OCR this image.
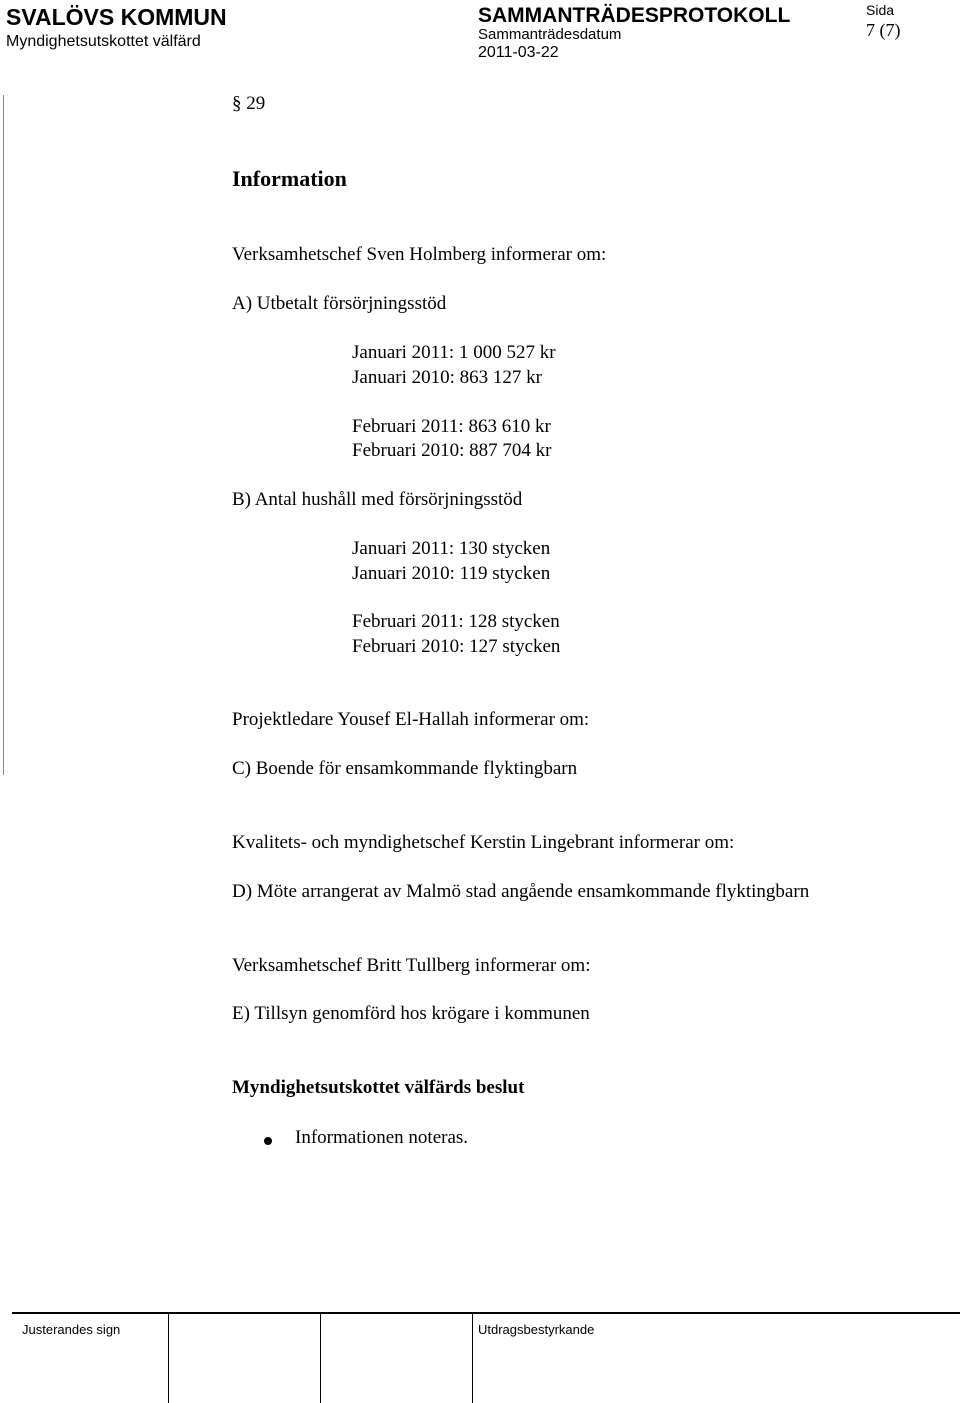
SVALÖVS KOMMUN
Myndighetsutskottet välfärd
SAMMANTRÄDESPROTOKOLL
Sammanträdesdatum
2011-03-22
Sida
7 (7)
§ 29
Information
Verksamhetschef Sven Holmberg informerar om:
A) Utbetalt försörjningsstöd
Januari 2011: 1 000 527 kr
Januari 2010: 863 127 kr
Februari 2011: 863 610 kr
Februari 2010: 887 704 kr
B) Antal hushåll med försörjningsstöd
Januari 2011: 130 stycken
Januari 2010: 119 stycken
Februari 2011: 128 stycken
Februari 2010: 127 stycken
Projektledare Yousef El-Hallah informerar om:
C) Boende för ensamkommande flyktingbarn
Kvalitets- och myndighetschef Kerstin Lingebrant informerar om:
D) Möte arrangerat av Malmö stad angående ensamkommande flyktingbarn
Verksamhetschef Britt Tullberg informerar om:
E) Tillsyn genomförd hos krögare i kommunen
Myndighetsutskottet välfärds beslut
Informationen noteras.
Justerandes sign	Utdragsbestyrkande
